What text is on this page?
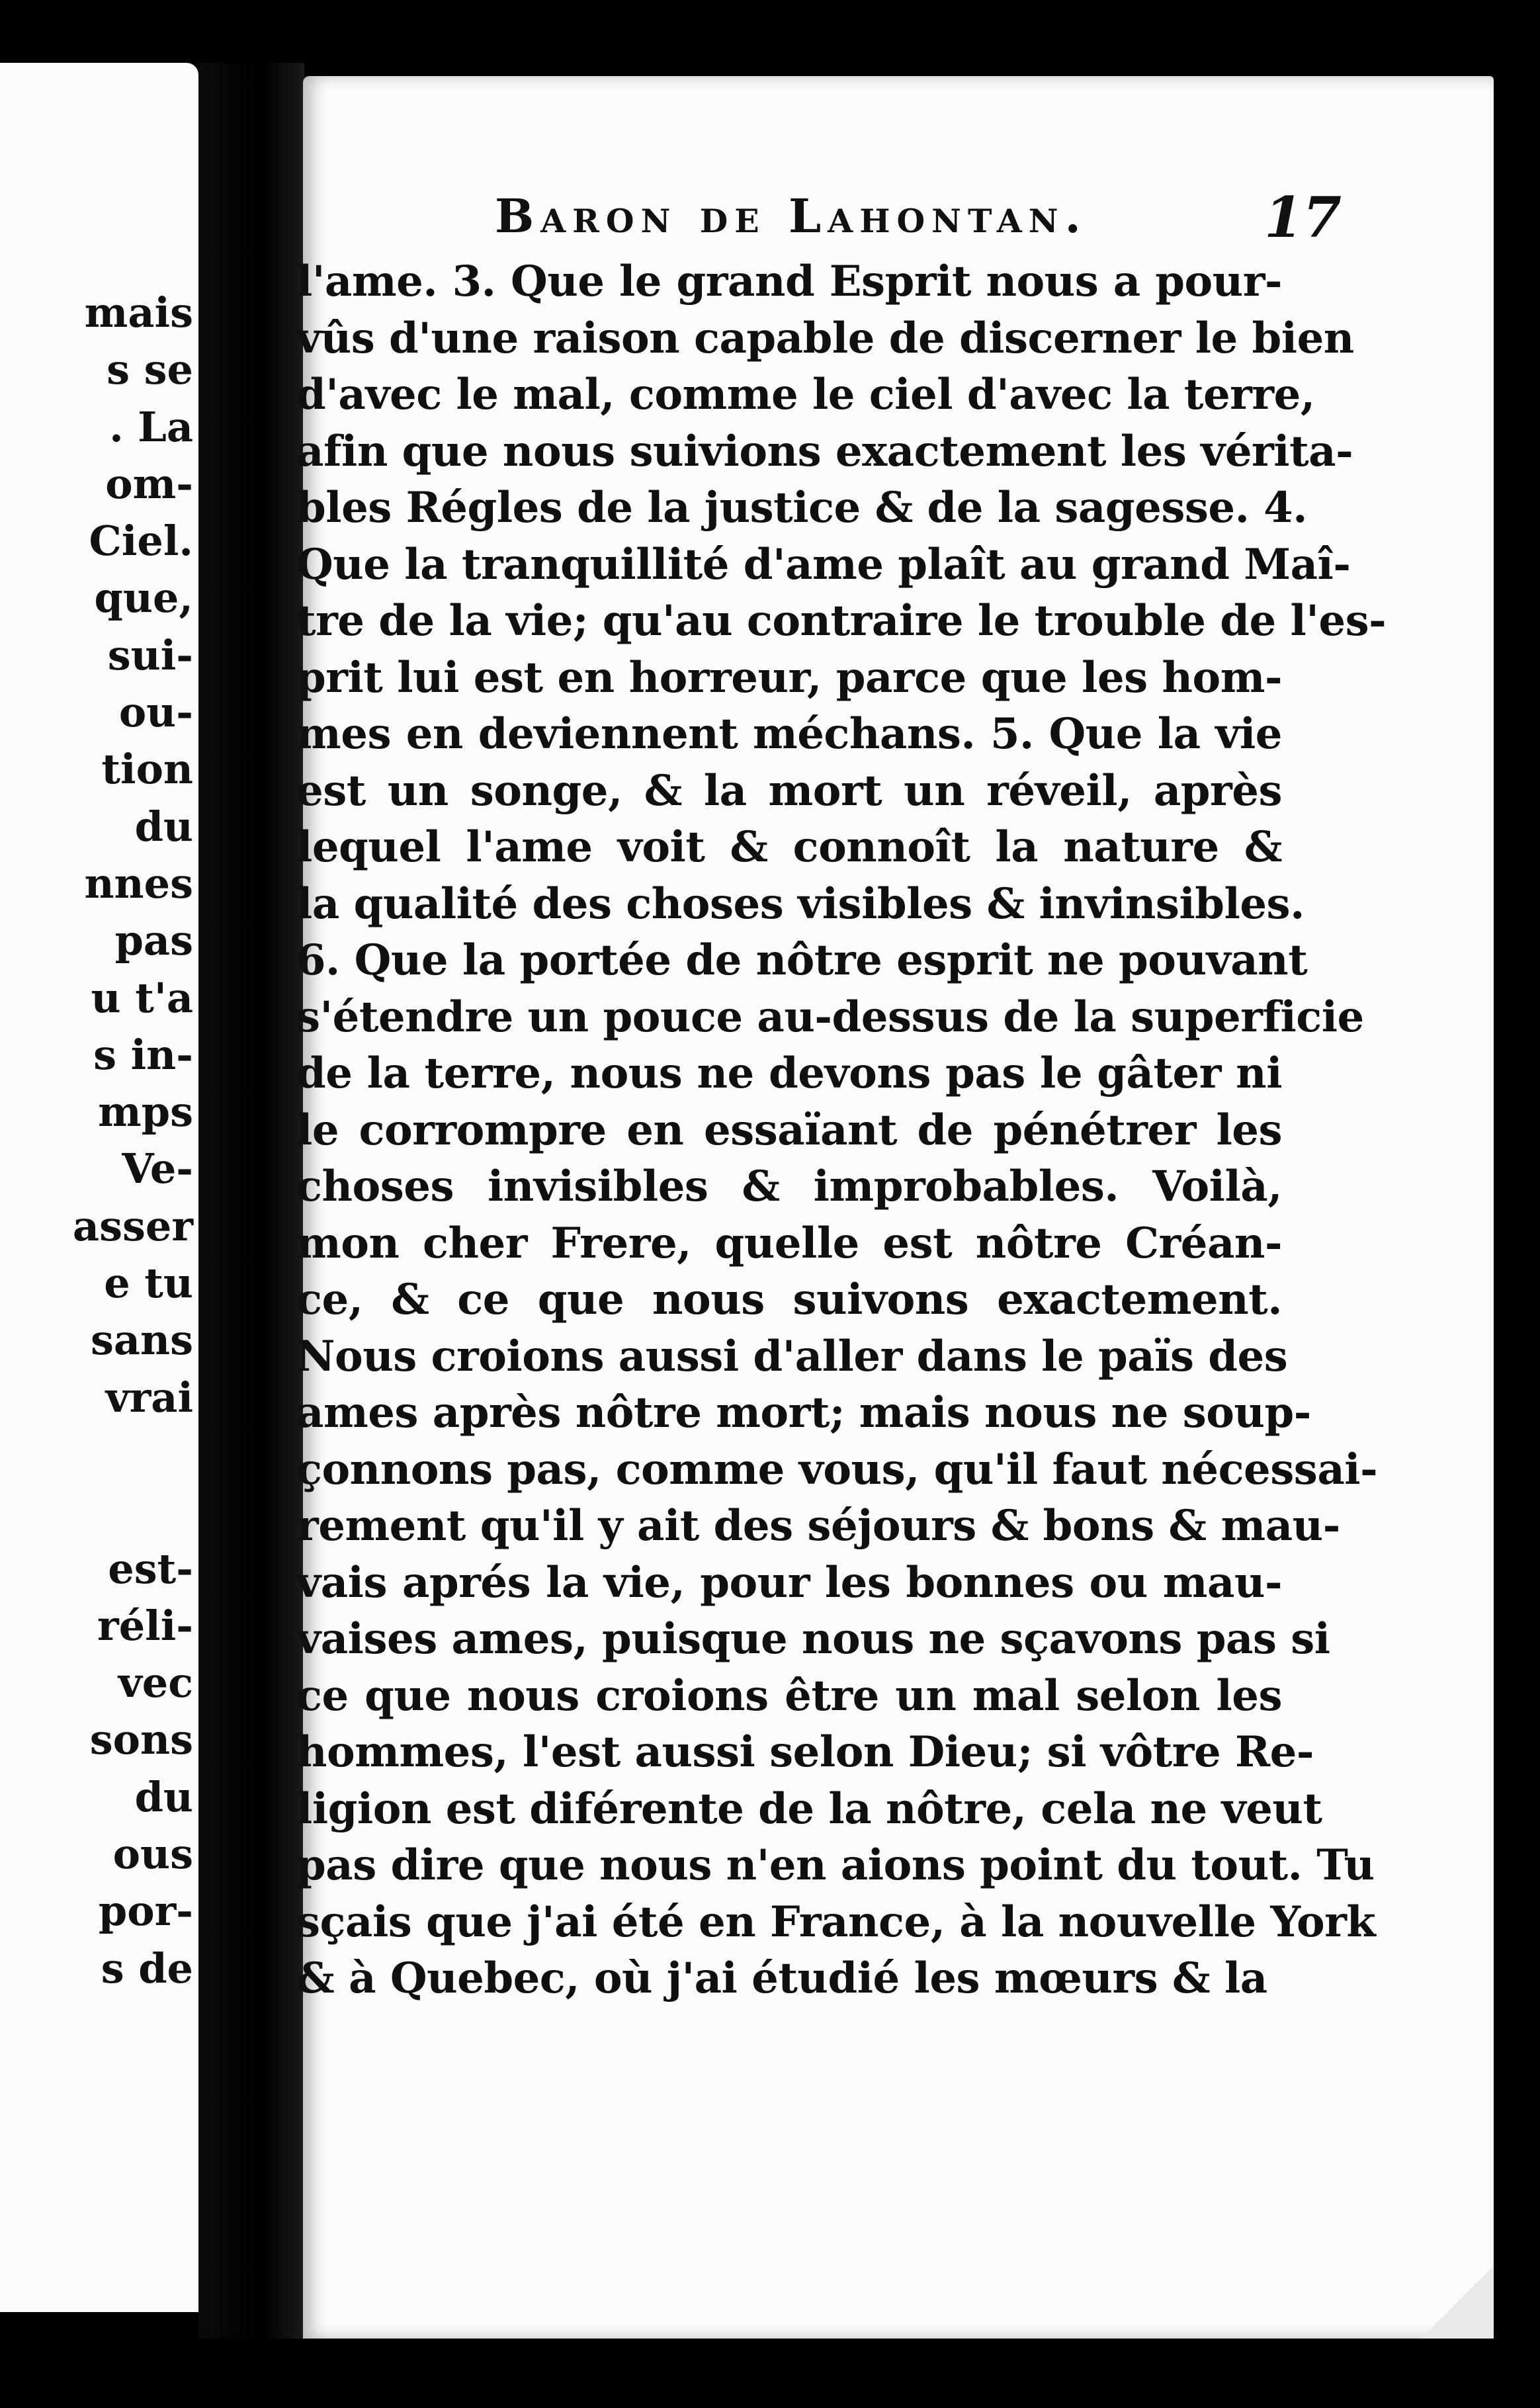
mais
s se
. La
om-
Ciel.
que,
sui-
ou-
tion
du
nnes
pas
u t'a
s in-
mps
Ve-
asser
e tu
sans
vrai
est-
réli-
vec
sons
du
ous
por-
s de
Baron de Lahontan.	17
l'ame. 3. Que le grand Esprit nous a pour-
vûs d'une raison capable de discerner le bien
d'avec le mal, comme le ciel d'avec la terre,
afin que nous suivions exactement les vérita-
bles Régles de la justice & de la sagesse. 4.
Que la tranquillité d'ame plaît au grand Maî-
tre de la vie; qu'au contraire le trouble de l'es-
prit lui est en horreur, parce que les hom-
mes en deviennent méchans. 5. Que la vie
est un songe, & la mort un réveil, après
lequel l'ame voit & connoît la nature &
la qualité des choses visibles & invinsibles.
6. Que la portée de nôtre esprit ne pouvant
s'étendre un pouce au-dessus de la superficie
de la terre, nous ne devons pas le gâter ni
le corrompre en essaïant de pénétrer les
choses invisibles & improbables. Voilà,
mon cher Frere, quelle est nôtre Créan-
ce, & ce que nous suivons exactement.
Nous croions aussi d'aller dans le païs des
ames après nôtre mort; mais nous ne soup-
çonnons pas, comme vous, qu'il faut nécessai-
rement qu'il y ait des séjours & bons & mau-
vais aprés la vie, pour les bonnes ou mau-
vaises ames, puisque nous ne sçavons pas si
ce que nous croions être un mal selon les
hommes, l'est aussi selon Dieu; si vôtre Re-
ligion est diférente de la nôtre, cela ne veut
pas dire que nous n'en aions point du tout. Tu
sçais que j'ai été en France, à la nouvelle York
& à Quebec, où j'ai étudié les mœurs & la
